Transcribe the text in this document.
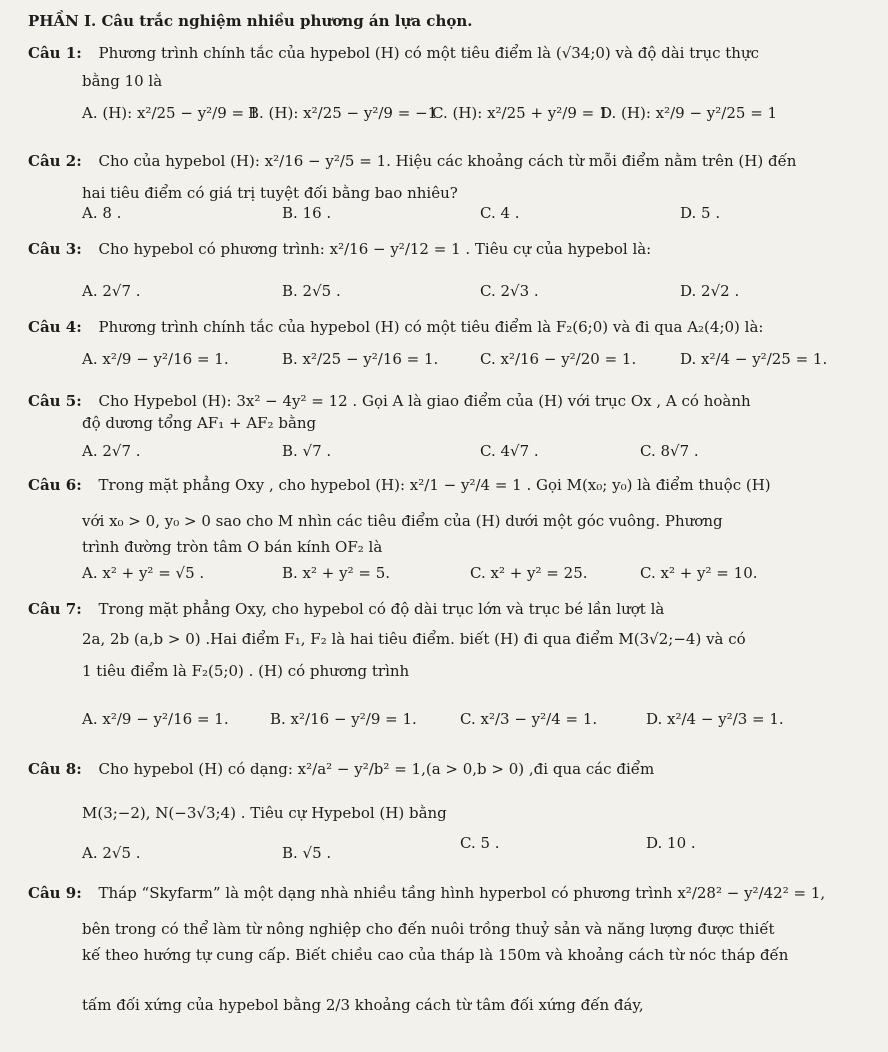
PHẦN I. Câu trắc nghiệm nhiều phương án lựa chọn.
Câu 1: Phương trình chính tắc của hypebol (H) có một tiêu điểm là (√34;0) và độ dài trục thực
bằng 10 là
A. (H): x²/25 − y²/9 = 1
B. (H): x²/25 − y²/9 = −1
C. (H): x²/25 + y²/9 = 1
D. (H): x²/9 − y²/25 = 1
Câu 2: Cho của hypebol (H): x²/16 − y²/5 = 1. Hiệu các khoảng cách từ mỗi điểm nằm trên (H) đến
hai tiêu điểm có giá trị tuyệt đối bằng bao nhiêu?
A. 8 .	B. 16 .	C. 4 .	D. 5 .
Câu 3: Cho hypebol có phương trình: x²/16 − y²/12 = 1 . Tiêu cự của hypebol là:
A. 2√7 .	B. 2√5 .	C. 2√3 .	D. 2√2 .
Câu 4: Phương trình chính tắc của hypebol (H) có một tiêu điểm là F₂(6;0) và đi qua A₂(4;0) là:
A. x²/9 − y²/16 = 1.	B. x²/25 − y²/16 = 1.	C. x²/16 − y²/20 = 1.	D. x²/4 − y²/25 = 1.
Câu 5: Cho Hypebol (H): 3x² − 4y² = 12 . Gọi A là giao điểm của (H) với trục Ox , A có hoành
độ dương tổng AF₁ + AF₂ bằng
A. 2√7 .	B. √7 .	C. 4√7 .	C. 8√7 .
Câu 6: Trong mặt phẳng Oxy , cho hypebol (H): x²/1 − y²/4 = 1 . Gọi M(x₀; y₀) là điểm thuộc (H)
với x₀ > 0, y₀ > 0 sao cho M nhìn các tiêu điểm của (H) dưới một góc vuông. Phương
trình đường tròn tâm O bán kính OF₂ là
A. x² + y² = √5 .	B. x² + y² = 5.	C. x² + y² = 25.	C. x² + y² = 10.
Câu 7: Trong mặt phẳng Oxy, cho hypebol có độ dài trục lớn và trục bé lần lượt là
2a, 2b (a,b > 0) .Hai điểm F₁, F₂ là hai tiêu điểm. biết (H) đi qua điểm M(3√2;−4) và có
1 tiêu điểm là F₂(5;0) . (H) có phương trình
A. x²/9 − y²/16 = 1.	B. x²/16 − y²/9 = 1.	C. x²/3 − y²/4 = 1.	D. x²/4 − y²/3 = 1.
Câu 8: Cho hypebol (H) có dạng: x²/a² − y²/b² = 1,(a > 0,b > 0) ,đi qua các điểm
M(3;−2), N(−3√3;4) . Tiêu cự Hypebol (H) bằng
A. 2√5 .	B. √5 .
C. 5 .	D. 10 .
Câu 9: Tháp “Skyfarm” là một dạng nhà nhiều tầng hình hyperbol có phương trình x²/28² − y²/42² = 1,
bên trong có thể làm từ nông nghiệp cho đến nuôi trồng thuỷ sản và năng lượng được thiết
kế theo hướng tự cung cấp. Biết chiều cao của tháp là 150m và khoảng cách từ nóc tháp đến
tấm đối xứng của hypebol bằng 2/3 khoảng cách từ tâm đối xứng đến đáy,
